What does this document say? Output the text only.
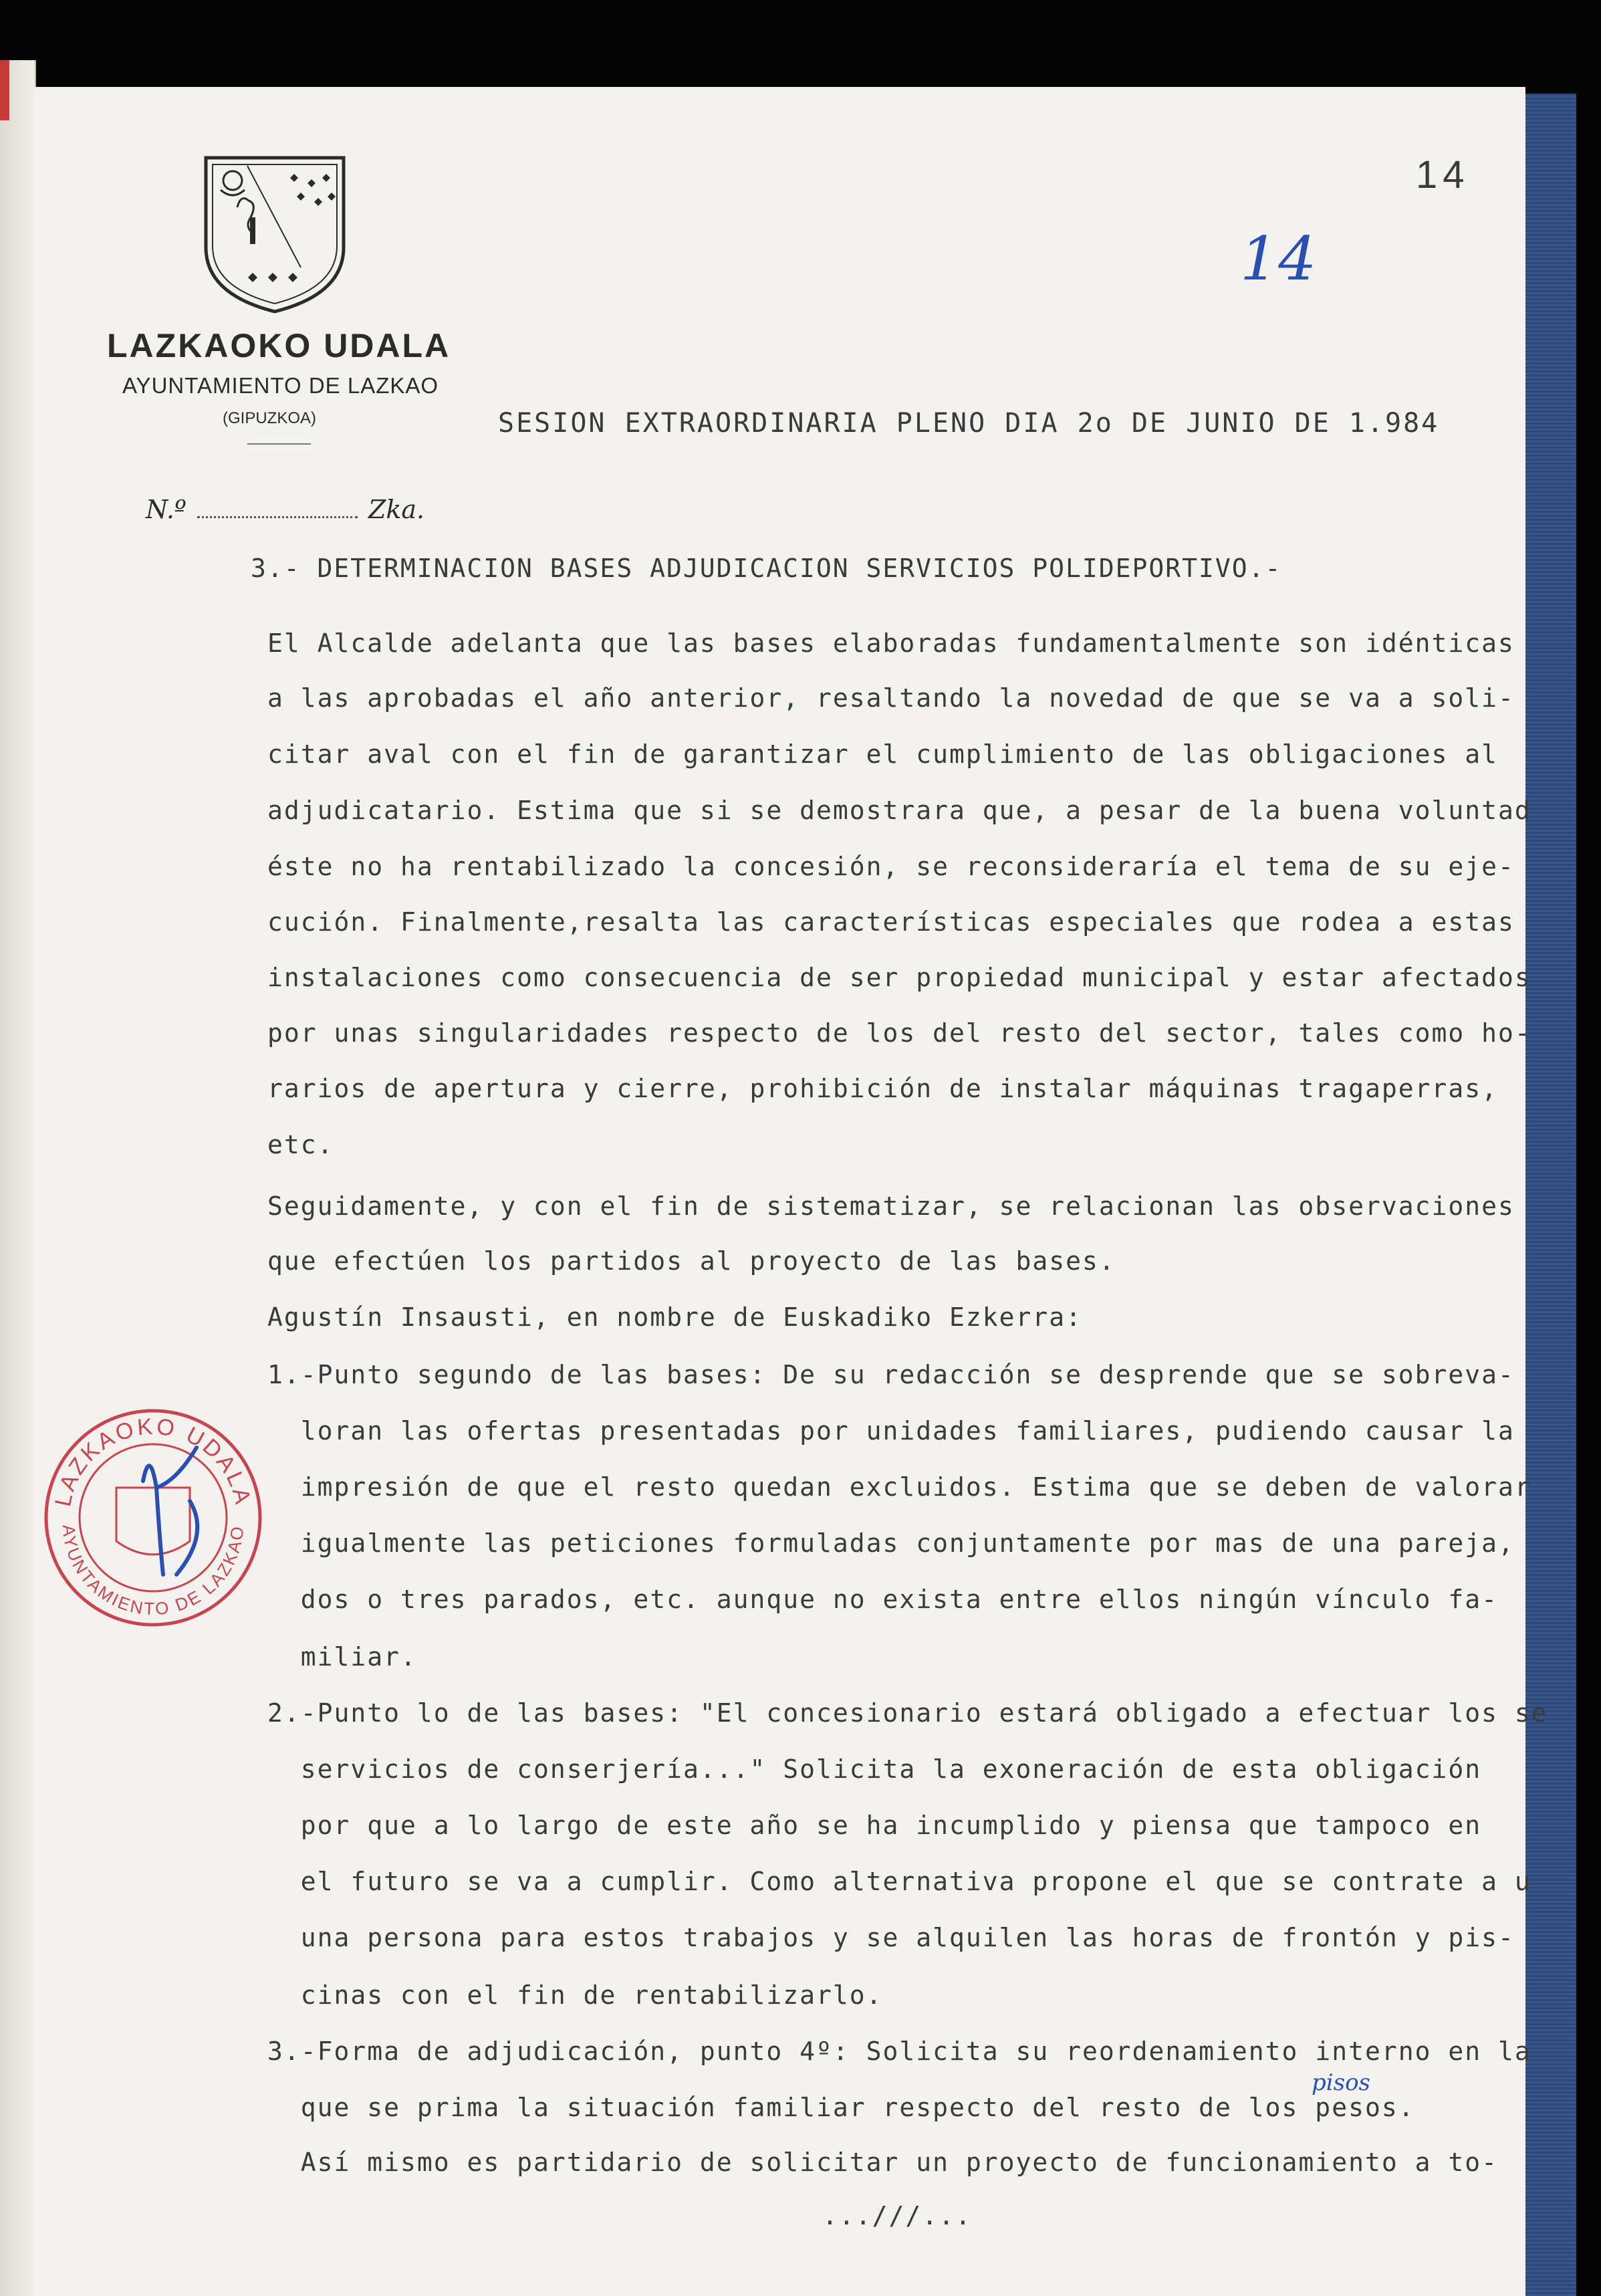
LAZKAOKO UDALA
AYUNTAMIENTO DE LAZKAO
(GIPUZKOA)
14
14
SESION EXTRAORDINARIA PLENO DIA 2o DE JUNIO DE 1.984
N.º	Zka.
3.- DETERMINACION BASES ADJUDICACION SERVICIOS POLIDEPORTIVO.-
El Alcalde adelanta que las bases elaboradas fundamentalmente son idénticas
a las aprobadas el año anterior, resaltando la novedad de que se va a soli-
citar aval con el fin de garantizar el cumplimiento de las obligaciones al
adjudicatario. Estima que si se demostrara que, a pesar de la buena voluntad
éste no ha rentabilizado la concesión, se reconsideraría el tema de su eje-
cución. Finalmente,resalta las características especiales que rodea a estas
instalaciones como consecuencia de ser propiedad municipal y estar afectados
por unas singularidades respecto de los del resto del sector, tales como ho-
rarios de apertura y cierre, prohibición de instalar máquinas tragaperras,
etc.
Seguidamente, y con el fin de sistematizar, se relacionan las observaciones
que efectúen los partidos al proyecto de las bases.
Agustín Insausti, en nombre de Euskadiko Ezkerra:
1.-Punto segundo de las bases: De su redacción se desprende que se sobreva-
loran las ofertas presentadas por unidades familiares, pudiendo causar la
impresión de que el resto quedan excluidos. Estima que se deben de valorar
igualmente las peticiones formuladas conjuntamente por mas de una pareja,
dos o tres parados, etc. aunque no exista entre ellos ningún vínculo fa-
miliar.
2.-Punto lo de las bases: "El concesionario estará obligado a efectuar los se
servicios de conserjería..." Solicita la exoneración de esta obligación
por que a lo largo de este año se ha incumplido y piensa que tampoco en
el futuro se va a cumplir. Como alternativa propone el que se contrate a u
una persona para estos trabajos y se alquilen las horas de frontón y pis-
cinas con el fin de rentabilizarlo.
3.-Forma de adjudicación, punto 4º: Solicita su reordenamiento interno en la
que se prima la situación familiar respecto del resto de los pesos.
Así mismo es partidario de solicitar un proyecto de funcionamiento a to-
pisos
...///...
LAZKAOKO UDALA
AYUNTAMIENTO DE LAZKAO
